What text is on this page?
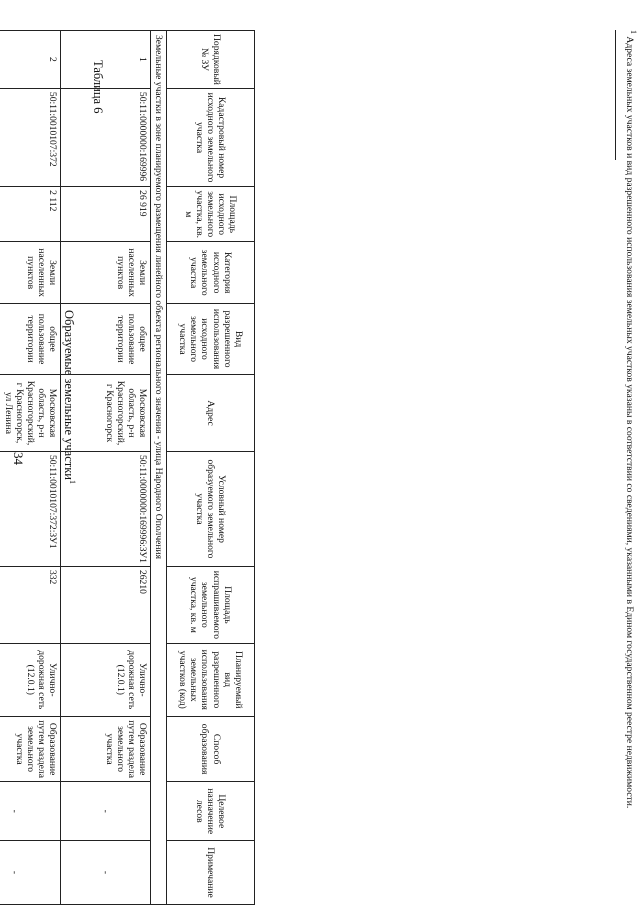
34
Таблица 6
Образуемые земельные участки$^1$
Порядковый № ЗУ	Кадастровый номер исходного земельного участка	Площадь исходного земельного участка, кв. м	Категория исходного земельного участка	Вид разрешенного использования исходного земельного участка	Адрес	Условный номер образуемого земельного участка	Площадь испрашиваемого земельного участка, кв. м	Планируемый вид разрешенного использования земельных участков (код)	Способ образования	Целевое назначение лесов	Примечание
Земельные участки в зоне планируемого размещения линейного объекта регионального значения - улица Народного Ополчения											
1	50:11:0000000:169996	26 919	Земли населенных пунктов	общее пользование территории	Московская область, р-н Красногорский, г Красногорск	50:11:0000000:169996:ЗУ1	26210	Улично-дорожная сеть (12.0.1)	Образование путем раздела земельного участка	-	-
2	50:11:0010107:372	2 112	Земли населенных пунктов	общее пользование территории	Московская область, р-н Красногорский, г Красногорск, ул Ленина	50:11:0010107:372:ЗУ1	332	Улично-дорожная сеть (12.0.1)	Образование путем раздела земельного участка	-	-

$^1$ Адреса земельных участков и вид разрешенного использования земельных участков указаны в соответствии со сведениями, указанными в Едином государственном реестре недвижимости.
